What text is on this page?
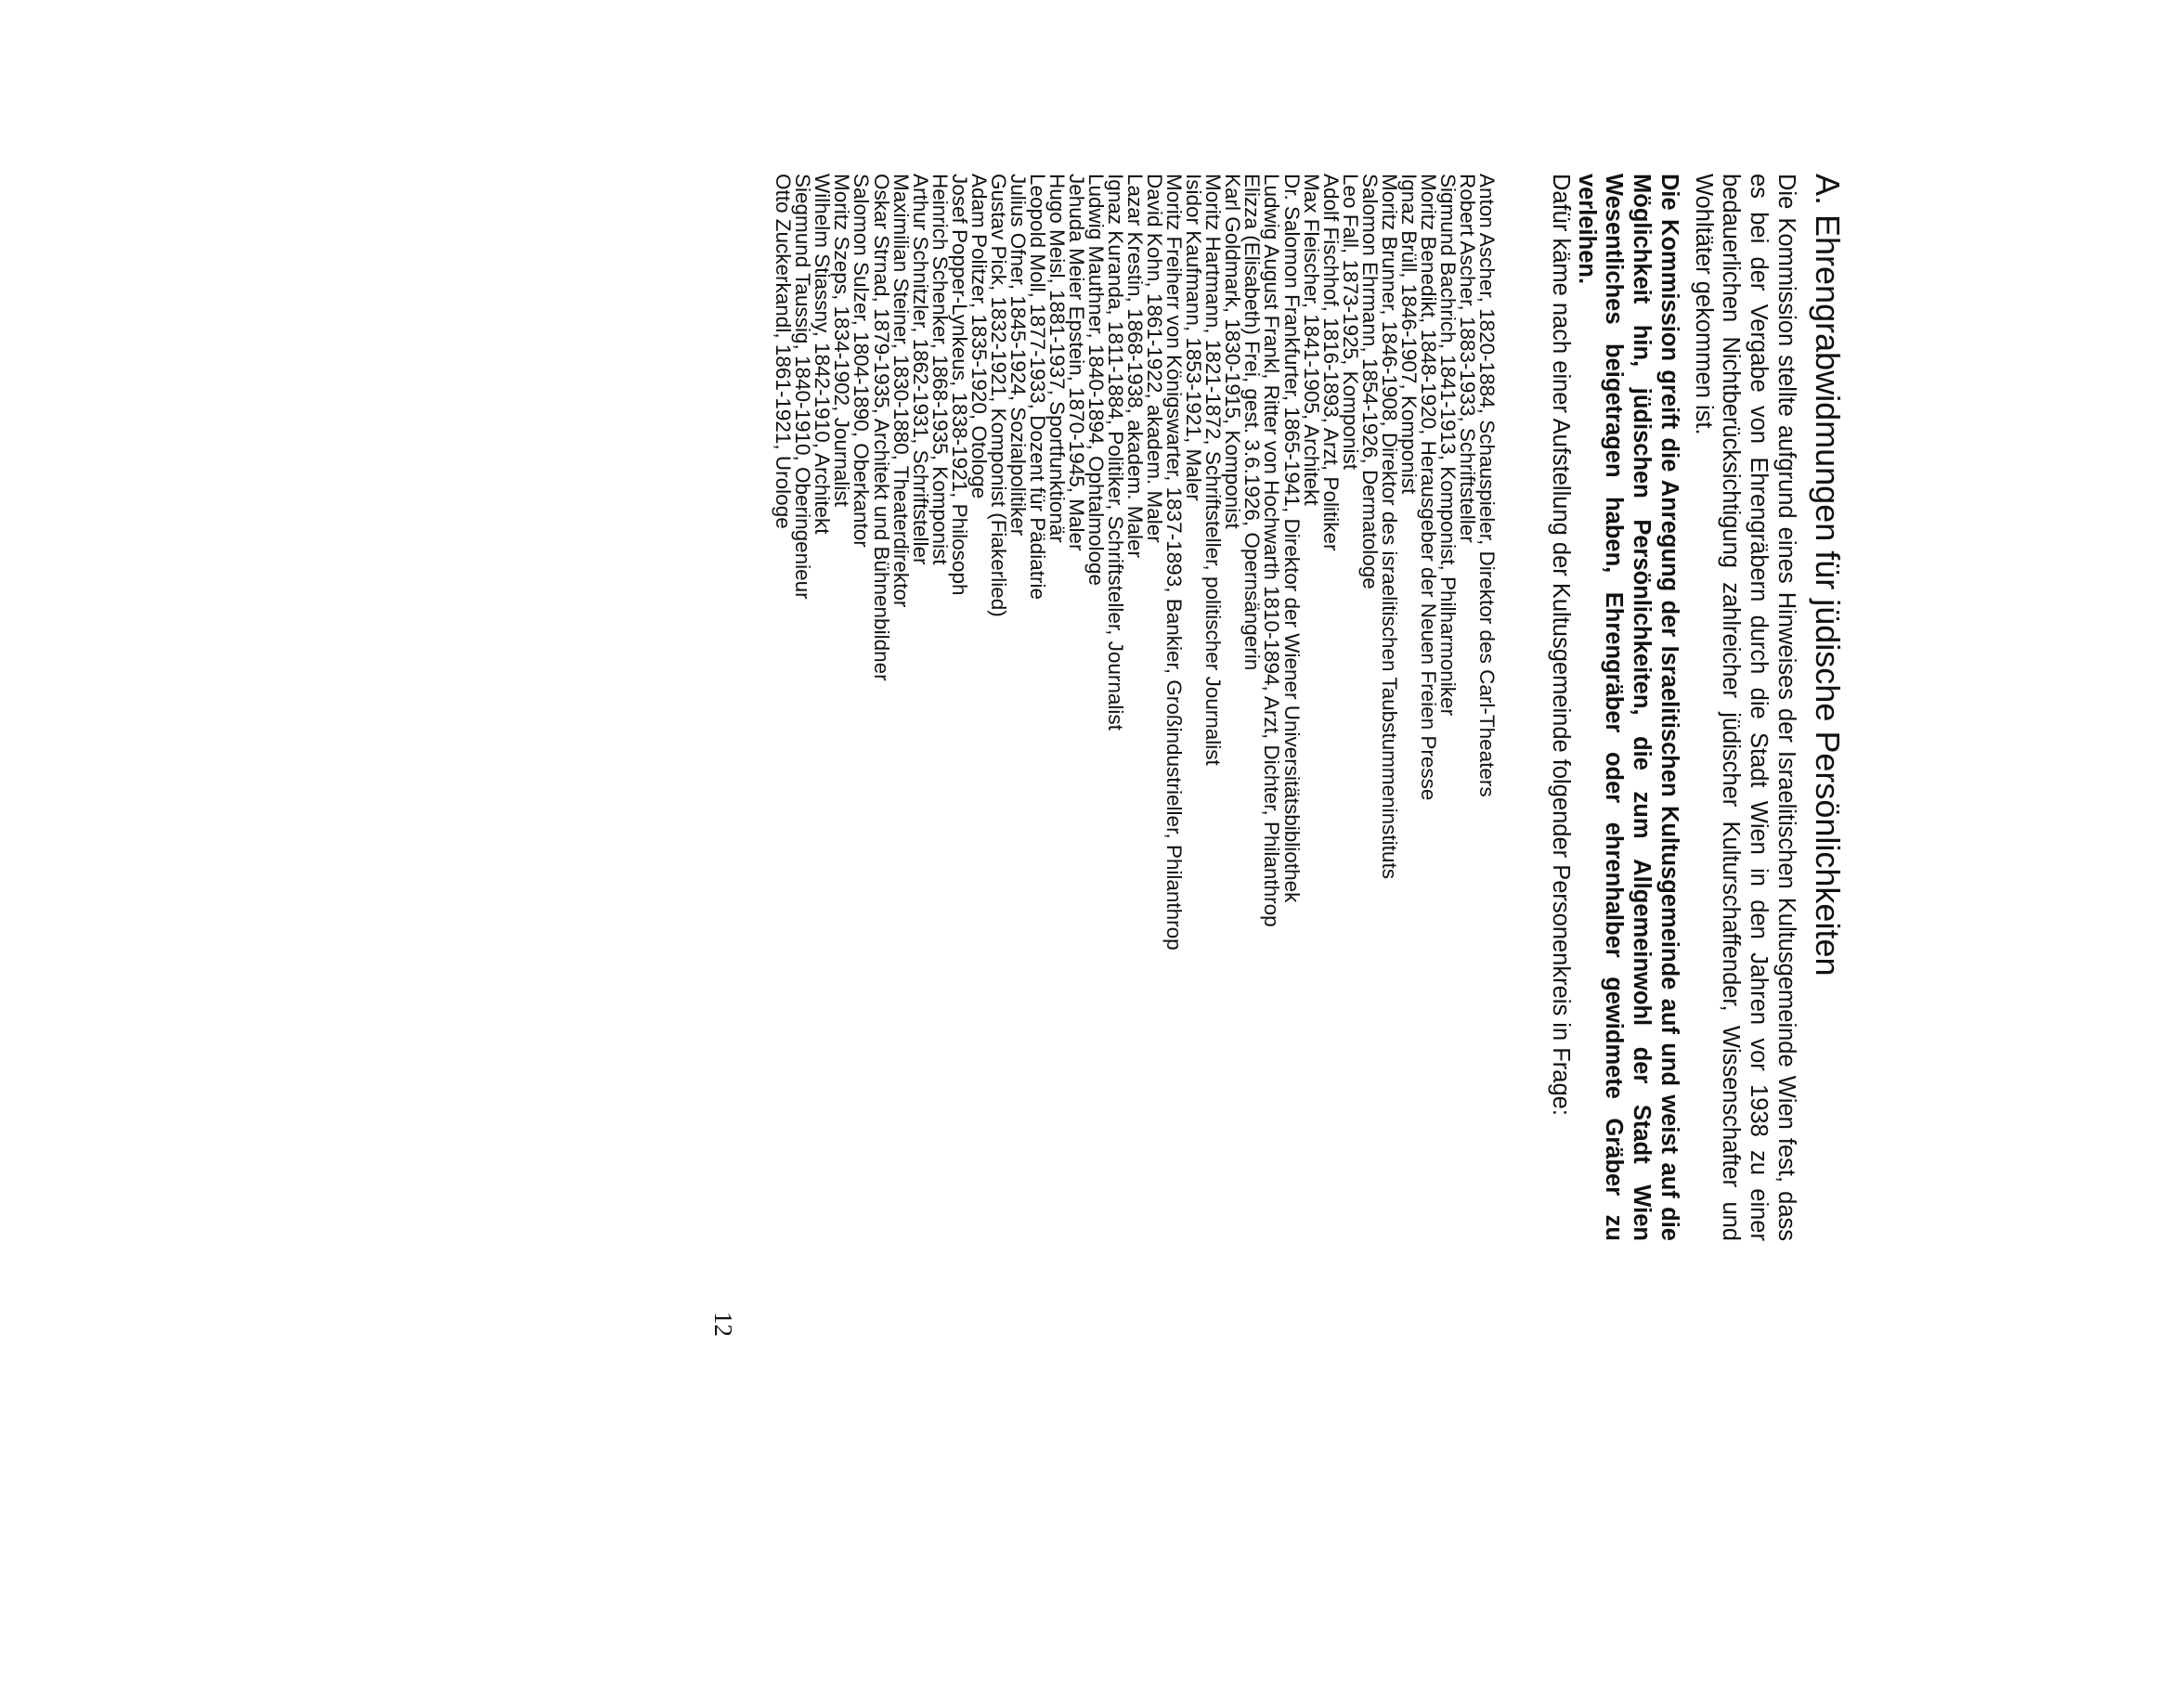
A. Ehrengrabwidmungen für jüdische Persönlichkeiten

Die Kommission stellte aufgrund eines Hinweises der Israelitischen Kultusgemeinde Wien fest, dass es bei der Vergabe von Ehrengräbern durch die Stadt Wien in den Jahren vor 1938 zu einer bedauerlichen Nichtberücksichtigung zahlreicher jüdischer Kulturschaffender, Wissenschafter und Wohltäter gekommen ist.

Die Kommission greift die Anregung der Israelitischen Kultusgemeinde auf und weist auf die Möglichkeit hin, jüdischen Persönlichkeiten, die zum Allgemeinwohl der Stadt Wien Wesentliches beigetragen haben, Ehrengräber oder ehrenhalber gewidmete Gräber zu verleihen.

Dafür käme nach einer Aufstellung der Kultusgemeinde folgender Personenkreis in Frage:

Anton Ascher, 1820-1884, Schauspieler, Direktor des Carl-Theaters
Robert Ascher, 1883-1933, Schriftsteller
Sigmund Bachrich, 1841-1913, Komponist, Philharmoniker
Moritz Benedikt, 1848-1920, Herausgeber der Neuen Freien Presse
Ignaz Brüll, 1846-1907, Komponist
Moritz Brunner, 1846-1908, Direktor des israelitischen Taubstummeninstituts
Salomon Ehrmann, 1854-1926, Dermatologe
Leo Fall, 1873-1925, Komponist
Adolf Fischhof, 1816-1893, Arzt, Politiker
Max Fleischer, 1841-1905, Architekt
Dr. Salomon Frankfurter, 1865-1941, Direktor der Wiener Universitätsbibliothek
Ludwig August Frankl, Ritter von Hochwarth 1810-1894, Arzt, Dichter, Philanthrop
Elizza (Elisabeth) Frei, gest. 3.6.1926, Opernsängerin
Karl Goldmark, 1830-1915, Komponist
Moritz Hartmann, 1821-1872, Schriftsteller, politischer Journalist
Isidor Kaufmann, 1853-1921, Maler
Moritz Freiherr von Königswarter, 1837-1893, Bankier, Großindustrieller, Philanthrop
David Kohn, 1861-1922, akadem. Maler
Lazar Krestin, 1868-1938, akadem. Maler
Ignaz Kuranda, 1811-1884, Politiker, Schriftsteller, Journalist
Ludwig Mauthner, 1840-1894, Ophtalmologe
Jehuda Meier Epstein, 1870-1945, Maler
Hugo Meisl, 1881-1937, Sportfunktionär
Leopold Moll, 1877-1933, Dozent für Pädiatrie
Julius Ofner, 1845-1924, Sozialpolitiker
Gustav Pick, 1832-1921, Komponist (Fiakerlied)
Adam Politzer, 1835-1920, Otologe
Josef Popper-Lynkeus, 1838-1921, Philosoph
Heinrich Schenker, 1868-1935, Komponist
Arthur Schnitzler, 1862-1931, Schriftsteller
Maximilian Steiner, 1830-1880, Theaterdirektor
Oskar Strnad, 1879-1935, Architekt und Bühnenbildner
Salomon Sulzer, 1804-1890, Oberkantor
Moritz Szeps, 1834-1902, Journalist
Wilhelm Stiassny, 1842-1910, Architekt
Siegmund Taussig, 1840-1910, Oberingenieur
Otto Zuckerkandl, 1861-1921, Urologe
12
